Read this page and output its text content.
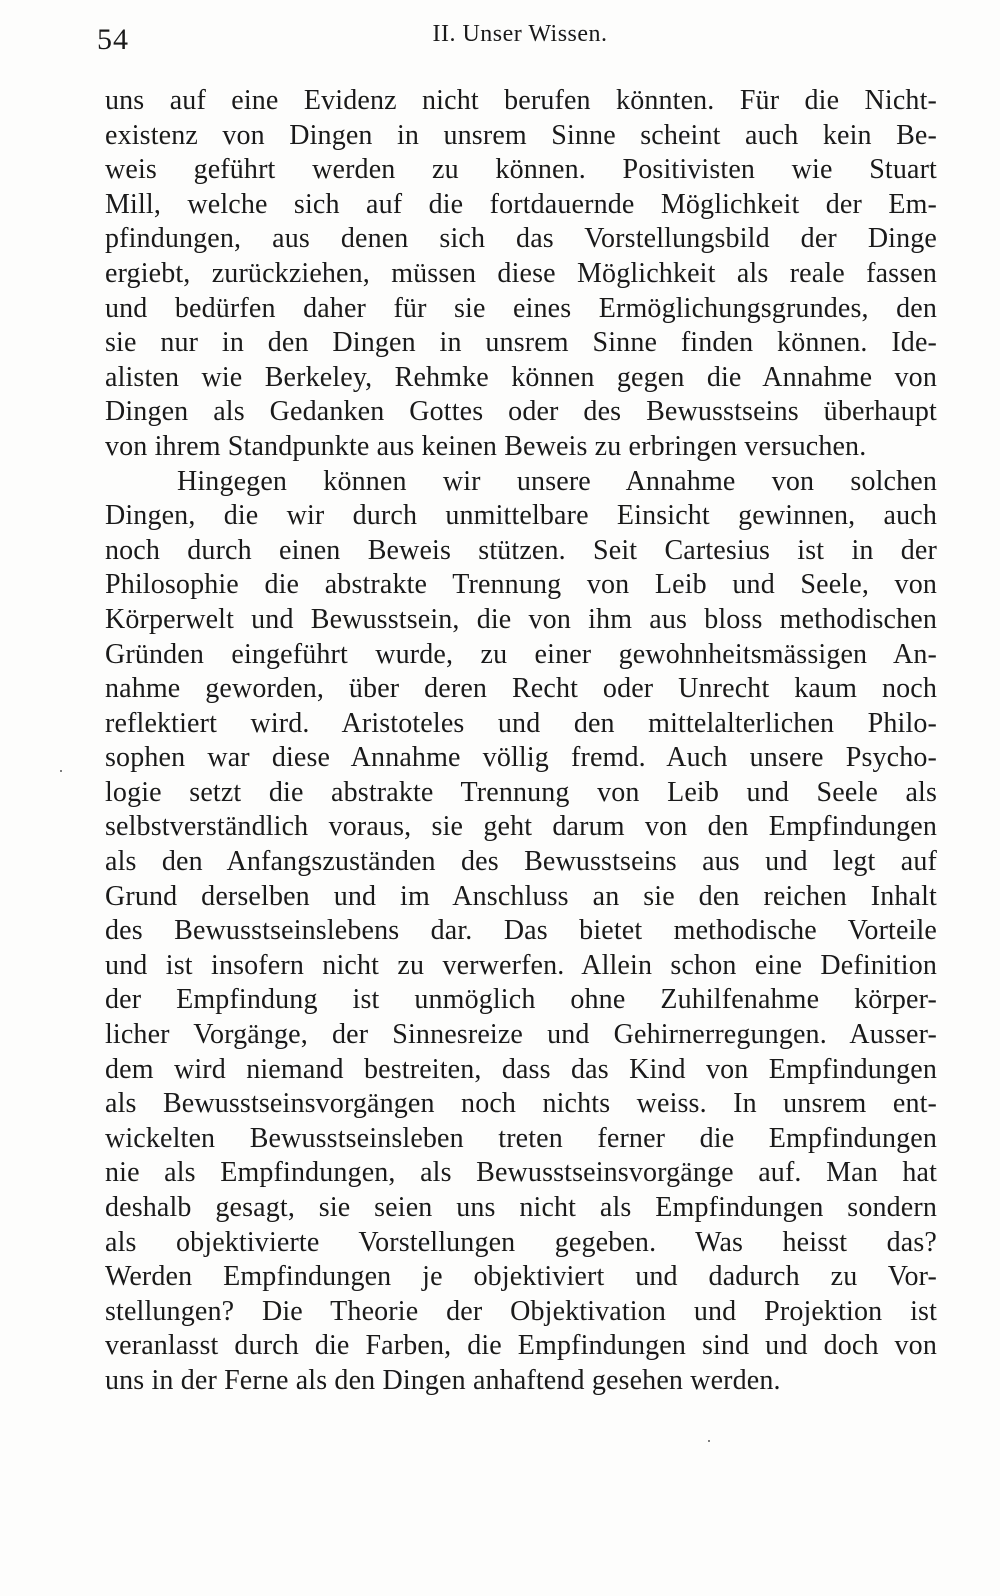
54	II. Unser Wissen.
uns auf eine Evidenz nicht berufen könnten. Für die Nicht-
existenz von Dingen in unsrem Sinne scheint auch kein Be-
weis geführt werden zu können. Positivisten wie Stuart
Mill, welche sich auf die fortdauernde Möglichkeit der Em-
pfindungen, aus denen sich das Vorstellungsbild der Dinge
ergiebt, zurückziehen, müssen diese Möglichkeit als reale fassen
und bedürfen daher für sie eines Ermöglichungsgrundes, den
sie nur in den Dingen in unsrem Sinne finden können. Ide-
alisten wie Berkeley, Rehmke können gegen die Annahme von
Dingen als Gedanken Gottes oder des Bewusstseins überhaupt
von ihrem Standpunkte aus keinen Beweis zu erbringen versuchen.
Hingegen können wir unsere Annahme von solchen
Dingen, die wir durch unmittelbare Einsicht gewinnen, auch
noch durch einen Beweis stützen. Seit Cartesius ist in der
Philosophie die abstrakte Trennung von Leib und Seele, von
Körperwelt und Bewusstsein, die von ihm aus bloss methodischen
Gründen eingeführt wurde, zu einer gewohnheitsmässigen An-
nahme geworden, über deren Recht oder Unrecht kaum noch
reflektiert wird. Aristoteles und den mittelalterlichen Philo-
sophen war diese Annahme völlig fremd. Auch unsere Psycho-
logie setzt die abstrakte Trennung von Leib und Seele als
selbstverständlich voraus, sie geht darum von den Empfindungen
als den Anfangszuständen des Bewusstseins aus und legt auf
Grund derselben und im Anschluss an sie den reichen Inhalt
des Bewusstseinslebens dar. Das bietet methodische Vorteile
und ist insofern nicht zu verwerfen. Allein schon eine Definition
der Empfindung ist unmöglich ohne Zuhilfenahme körper-
licher Vorgänge, der Sinnesreize und Gehirnerregungen. Ausser-
dem wird niemand bestreiten, dass das Kind von Empfindungen
als Bewusstseinsvorgängen noch nichts weiss. In unsrem ent-
wickelten Bewusstseinsleben treten ferner die Empfindungen
nie als Empfindungen, als Bewusstseinsvorgänge auf. Man hat
deshalb gesagt, sie seien uns nicht als Empfindungen sondern
als objektivierte Vorstellungen gegeben. Was heisst das?
Werden Empfindungen je objektiviert und dadurch zu Vor-
stellungen? Die Theorie der Objektivation und Projektion ist
veranlasst durch die Farben, die Empfindungen sind und doch von
uns in der Ferne als den Dingen anhaftend gesehen werden.
